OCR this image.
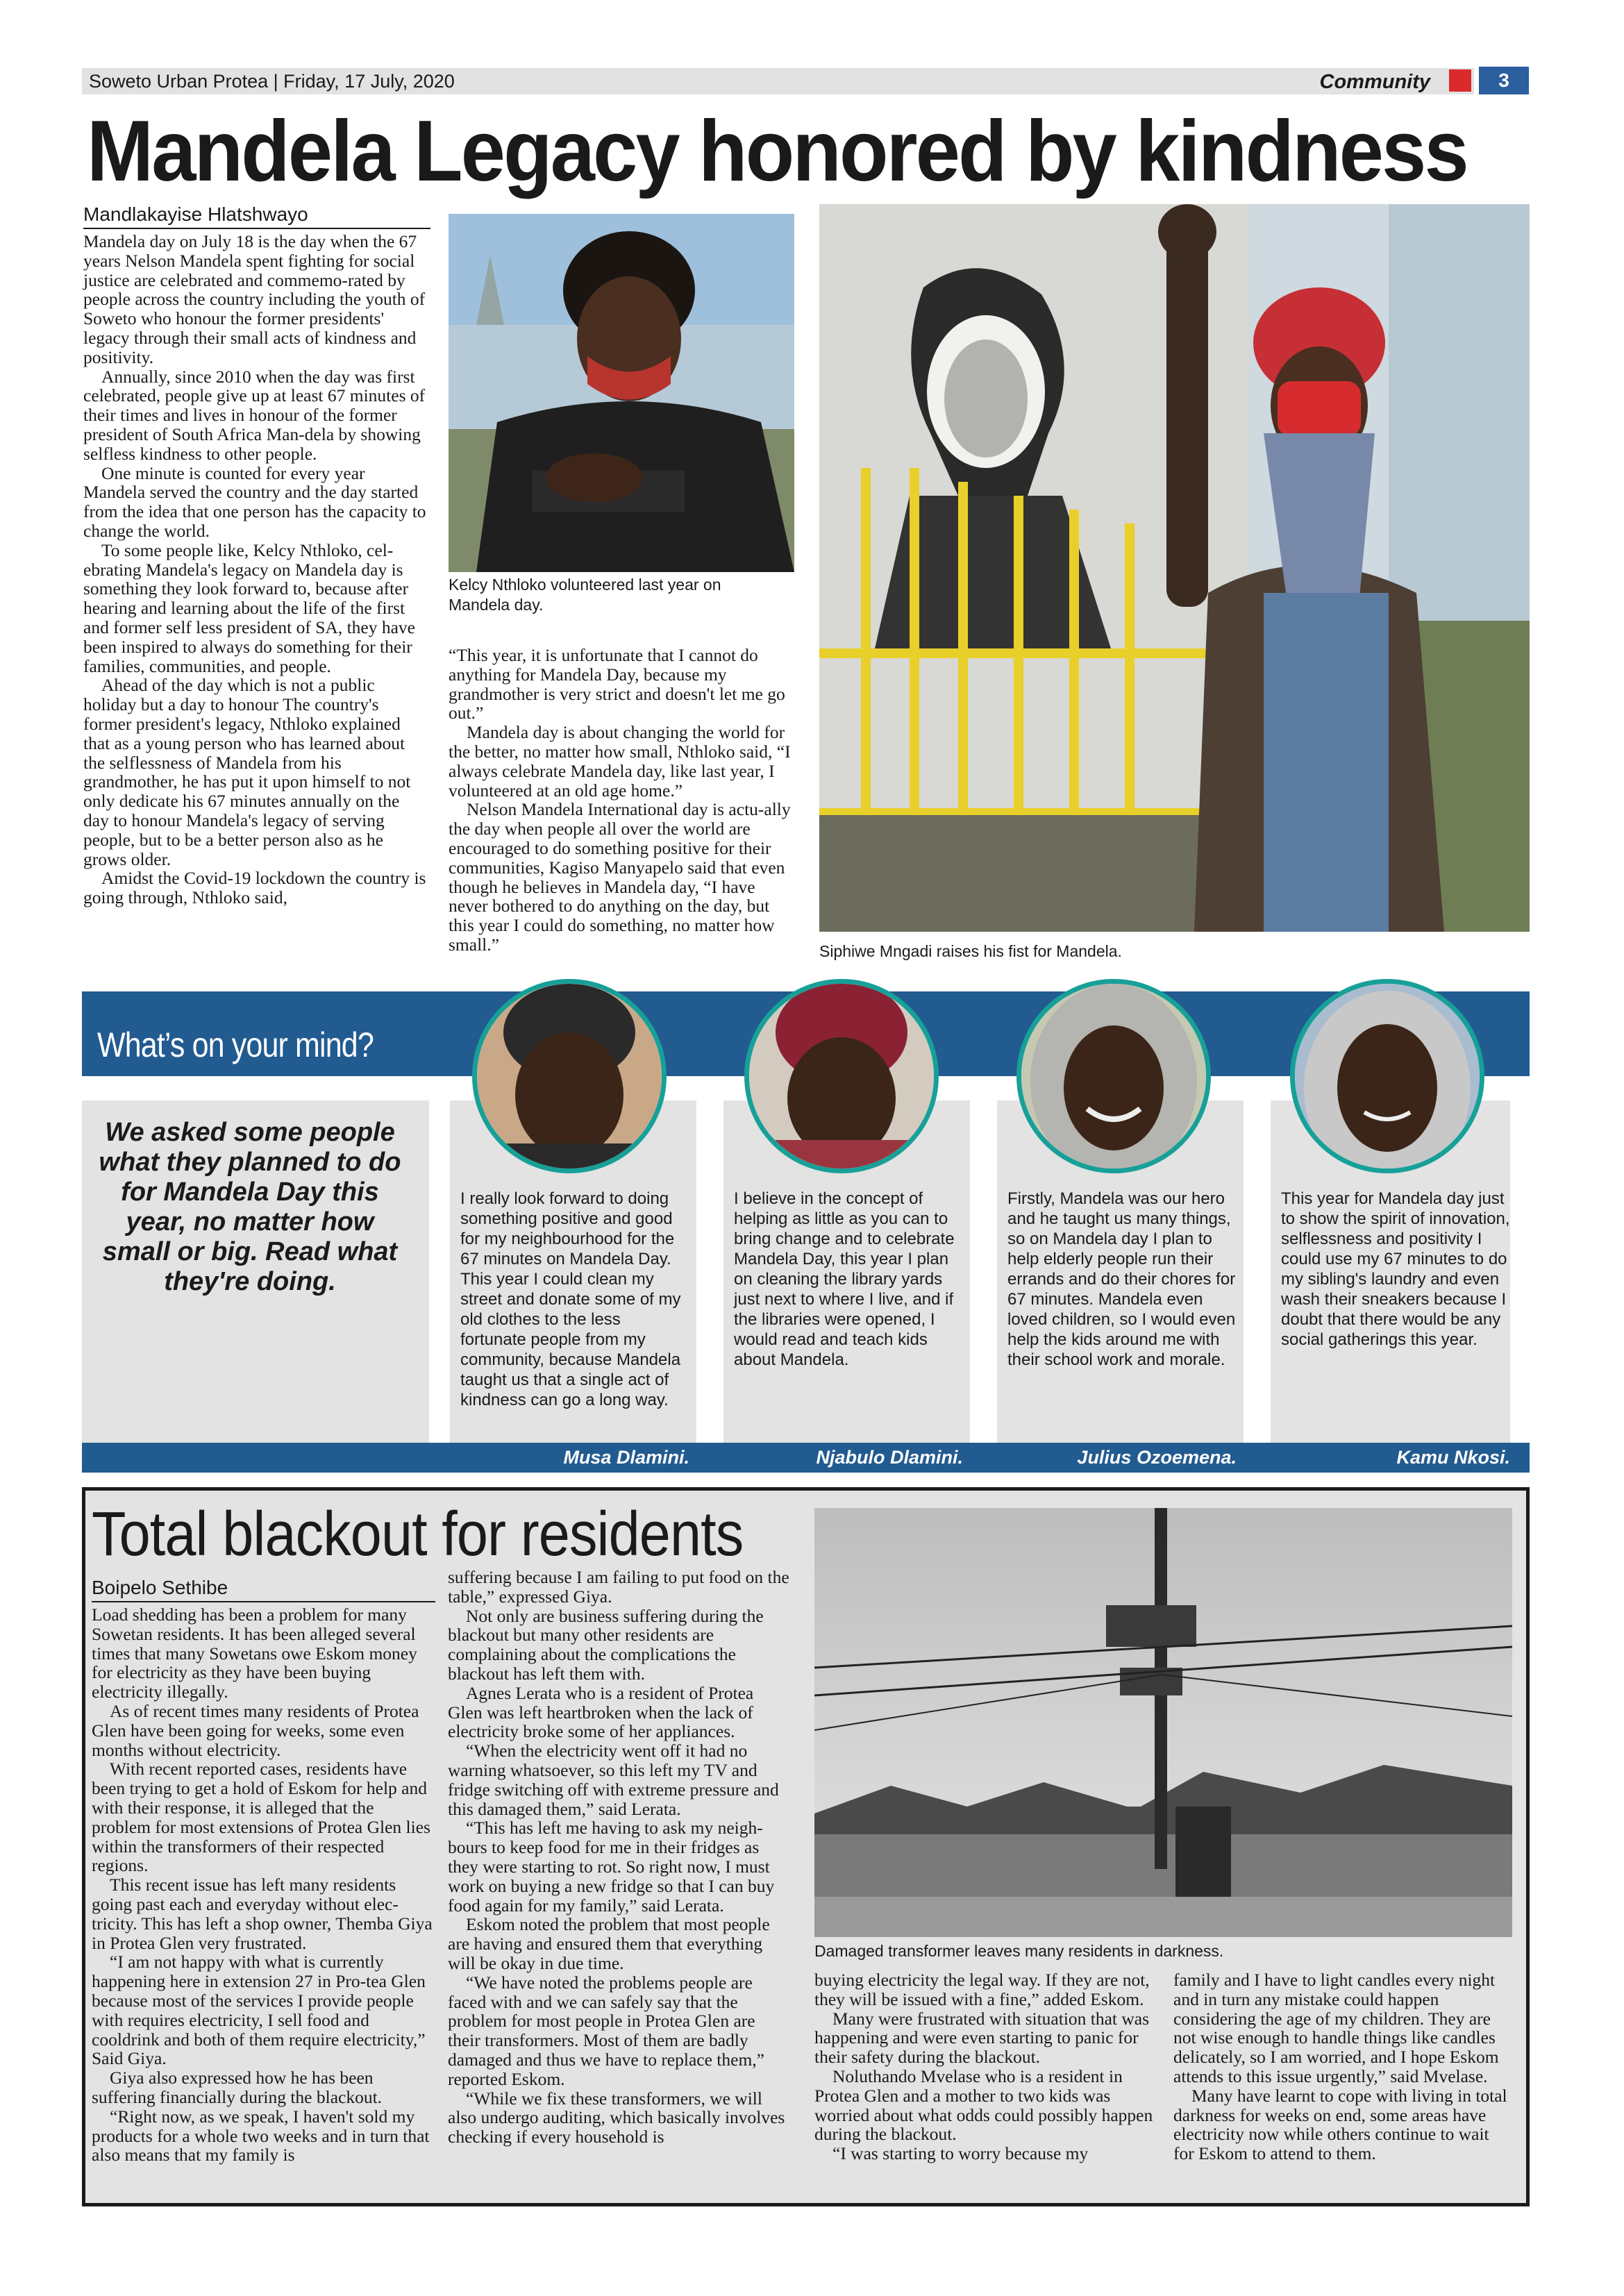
Soweto Urban Protea | Friday, 17 July, 2020	Community	3
Mandela Legacy honored by kindness
Mandlakayise Hlatshwayo

Mandela day on July 18 is the day when the 67 years Nelson Mandela spent fighting for social justice are celebrated and commemo-rated by people across the country including the youth of Soweto who honour the former presidents' legacy through their small acts of kindness and positivity.

Annually, since 2010 when the day was first celebrated, people give up at least 67 minutes of their times and lives in honour of the former president of South Africa Man-dela by showing selfless kindness to other people.

One minute is counted for every year Mandela served the country and the day started from the idea that one person has the capacity to change the world.

To some people like, Kelcy Nthloko, cel-ebrating Mandela's legacy on Mandela day is something they look forward to, because after hearing and learning about the life of the first and former self less president of SA, they have been inspired to always do something for their families, communities, and people.

Ahead of the day which is not a public holiday but a day to honour The country's former president's legacy, Nthloko explained that as a young person who has learned about the selflessness of Mandela from his grandmother, he has put it upon himself to not only dedicate his 67 minutes annually on the day to honour Mandela's legacy of serving people, but to be a better person also as he grows older.

Amidst the Covid-19 lockdown the country is going through, Nthloko said,

Kelcy Nthloko volunteered last year on Mandela day.

“This year, it is unfortunate that I cannot do anything for Mandela Day, because my grandmother is very strict and doesn't let me go out.”

Mandela day is about changing the world for the better, no matter how small, Nthloko said, “I always celebrate Mandela day, like last year, I volunteered at an old age home.”

Nelson Mandela International day is actu-ally the day when people all over the world are encouraged to do something positive for their communities, Kagiso Manyapelo said that even though he believes in Mandela day, “I have never bothered to do anything on the day, but this year I could do something, no matter how small.”	Siphiwe Mngadi raises his fist for Mandela.
What’s on your mind?
We asked some people what they planned to do for Mandela Day this year, no matter how small or big. Read what they're doing.
I really look forward to doing something positive and good for my neighbourhood for the 67 minutes on Mandela Day. This year I could clean my street and donate some of my old clothes to the less fortunate people from my community, because Mandela taught us that a single act of kindness can go a long way.
I believe in the concept of helping as little as you can to bring change and to celebrate Mandela Day, this year I plan on cleaning the library yards just next to where I live, and if the libraries were opened, I would read and teach kids about Mandela.
Firstly, Mandela was our hero and he taught us many things, so on Mandela day I plan to help elderly people run their errands and do their chores for 67 minutes. Mandela even loved children, so I would even help the kids around me with their school work and morale.
This year for Mandela day just to show the spirit of innovation, selflessness and positivity I could use my 67 minutes to do my sibling's laundry and even wash their sneakers because I doubt that there would be any social gatherings this year.
Musa Dlamini.	Njabulo Dlamini.	Julius Ozoemena.	Kamu Nkosi.
Total blackout for residents
Boipelo Sethibe

Load shedding has been a problem for many Sowetan residents. It has been alleged several times that many Sowetans owe Eskom money for electricity as they have been buying electricity illegally.

As of recent times many residents of Protea Glen have been going for weeks, some even months without electricity.

With recent reported cases, residents have been trying to get a hold of Eskom for help and with their response, it is alleged that the problem for most extensions of Protea Glen lies within the transformers of their respected regions.

This recent issue has left many residents going past each and everyday without elec-tricity. This has left a shop owner, Themba Giya in Protea Glen very frustrated.

“I am not happy with what is currently happening here in extension 27 in Pro-tea Glen because most of the services I provide people with requires electricity, I sell food and cooldrink and both of them require electricity,” Said Giya.

Giya also expressed how he has been suffering financially during the blackout.

“Right now, as we speak, I haven't sold my products for a whole two weeks and in turn that also means that my family is

suffering because I am failing to put food on the table,” expressed Giya.

Not only are business suffering during the blackout but many other residents are complaining about the complications the blackout has left them with.

Agnes Lerata who is a resident of Protea Glen was left heartbroken when the lack of electricity broke some of her appliances.

“When the electricity went off it had no warning whatsoever, so this left my TV and fridge switching off with extreme pressure and this damaged them,” said Lerata.

“This has left me having to ask my neigh-bours to keep food for me in their fridges as they were starting to rot. So right now, I must work on buying a new fridge so that I can buy food again for my family,” said Lerata.

Eskom noted the problem that most people are having and ensured them that everything will be okay in due time.

“We have noted the problems people are faced with and we can safely say that the problem for most people in Protea Glen are their transformers. Most of them are badly damaged and thus we have to replace them,” reported Eskom.

“While we fix these transformers, we will also undergo auditing, which basically involves checking if every household is

Damaged transformer leaves many residents in darkness.

buying electricity the legal way. If they are not, they will be issued with a fine,” added Eskom.

Many were frustrated with situation that was happening and were even starting to panic for their safety during the blackout.

Noluthando Mvelase who is a resident in Protea Glen and a mother to two kids was worried about what odds could possibly happen during the blackout.

“I was starting to worry because my

family and I have to light candles every night and in turn any mistake could happen considering the age of my children. They are not wise enough to handle things like candles delicately, so I am worried, and I hope Eskom attends to this issue urgently,” said Mvelase.

Many have learnt to cope with living in total darkness for weeks on end, some areas have electricity now while others continue to wait for Eskom to attend to them.
